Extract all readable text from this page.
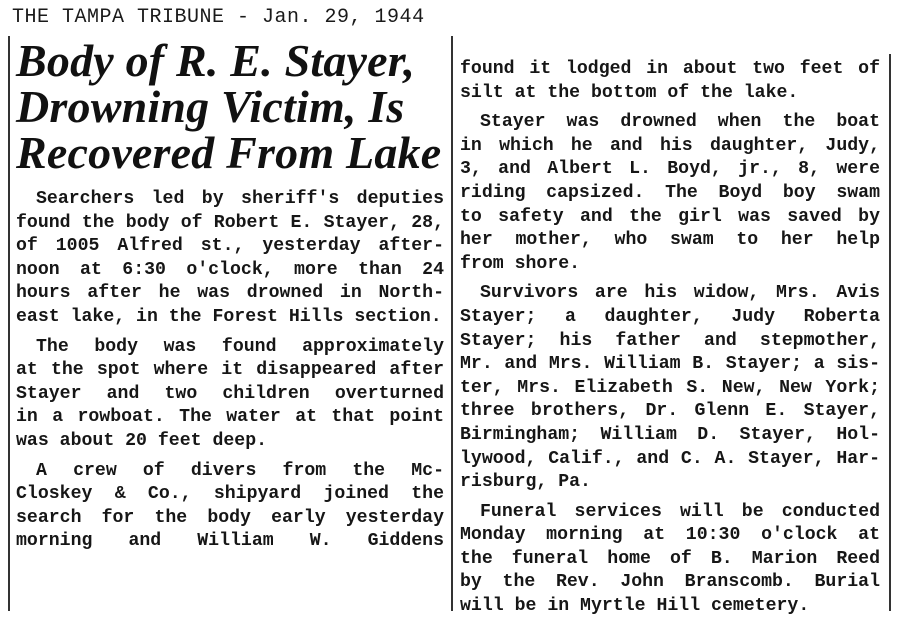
THE TAMPA TRIBUNE - Jan. 29, 1944
Body of R. E. Stayer,
Drowning Victim, Is
Recovered From Lake
Searchers led by sheriff's deputies
found the body of Robert E. Stayer, 28,
of 1005 Alfred st., yesterday after-
noon at 6:30 o'clock, more than 24
hours after he was drowned in North-
east lake, in the Forest Hills section.
The body was found approximately
at the spot where it disappeared after
Stayer and two children overturned
in a rowboat. The water at that point
was about 20 feet deep.
A crew of divers from the Mc-
Closkey & Co., shipyard joined the
search for the body early yesterday
morning and William W. Giddens
found it lodged in about two feet of
silt at the bottom of the lake.
Stayer was drowned when the boat
in which he and his daughter, Judy,
3, and Albert L. Boyd, jr., 8, were
riding capsized. The Boyd boy swam
to safety and the girl was saved by
her mother, who swam to her help
from shore.
Survivors are his widow, Mrs. Avis
Stayer; a daughter, Judy Roberta
Stayer; his father and stepmother,
Mr. and Mrs. William B. Stayer; a sis-
ter, Mrs. Elizabeth S. New, New York;
three brothers, Dr. Glenn E. Stayer,
Birmingham; William D. Stayer, Hol-
lywood, Calif., and C. A. Stayer, Har-
risburg, Pa.
Funeral services will be conducted
Monday morning at 10:30 o'clock at
the funeral home of B. Marion Reed
by the Rev. John Branscomb. Burial
will be in Myrtle Hill cemetery.
